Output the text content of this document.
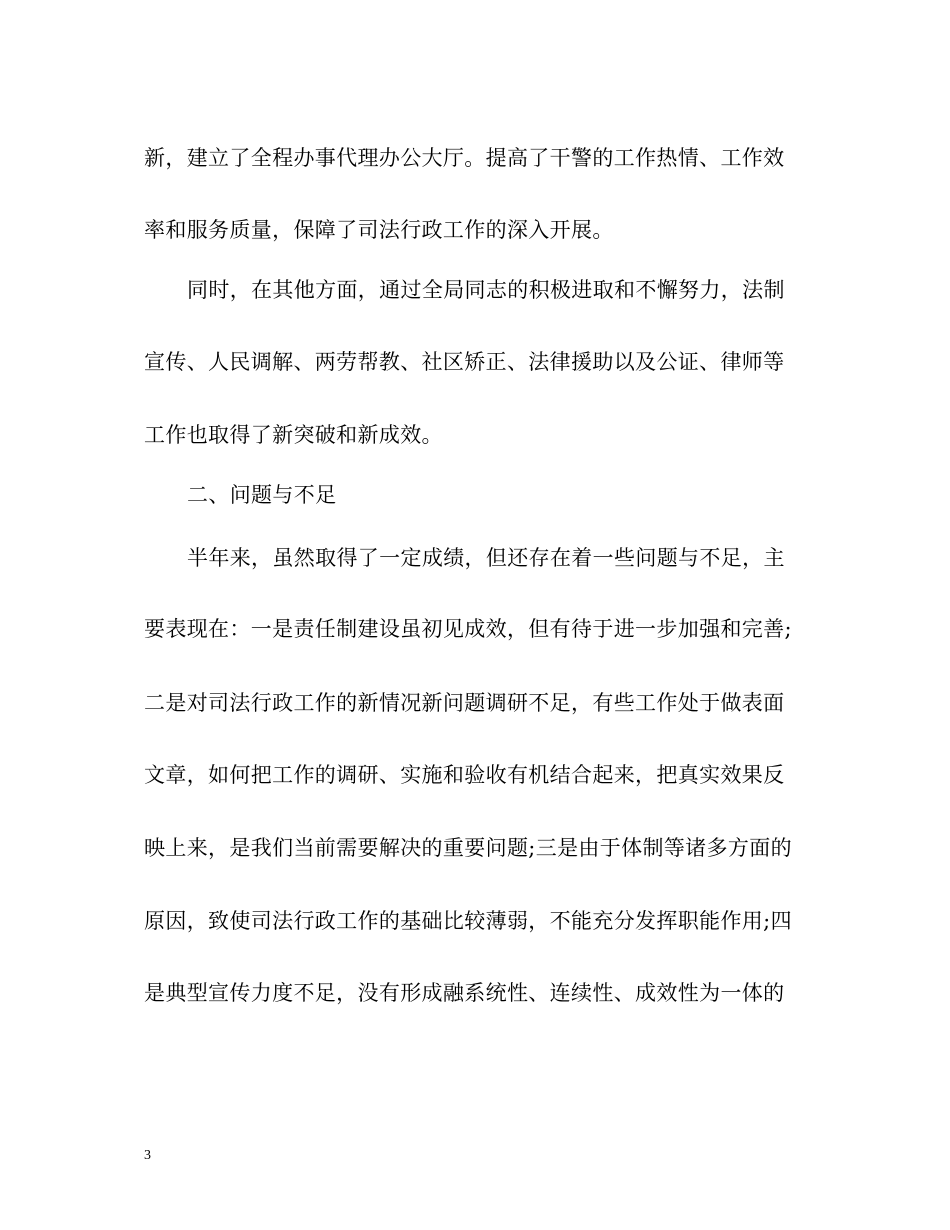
新，建立了全程办事代理办公大厅。提高了干警的工作热情、工作效
率和服务质量，保障了司法行政工作的深入开展。
同时，在其他方面，通过全局同志的积极进取和不懈努力，法制
宣传、人民调解、两劳帮教、社区矫正、法律援助以及公证、律师等
工作也取得了新突破和新成效。
二、问题与不足
半年来，虽然取得了一定成绩，但还存在着一些问题与不足，主
要表现在：一是责任制建设虽初见成效，但有待于进一步加强和完善;
二是对司法行政工作的新情况新问题调研不足，有些工作处于做表面
文章，如何把工作的调研、实施和验收有机结合起来，把真实效果反
映上来，是我们当前需要解决的重要问题;三是由于体制等诸多方面的
原因，致使司法行政工作的基础比较薄弱，不能充分发挥职能作用;四
是典型宣传力度不足，没有形成融系统性、连续性、成效性为一体的
3
